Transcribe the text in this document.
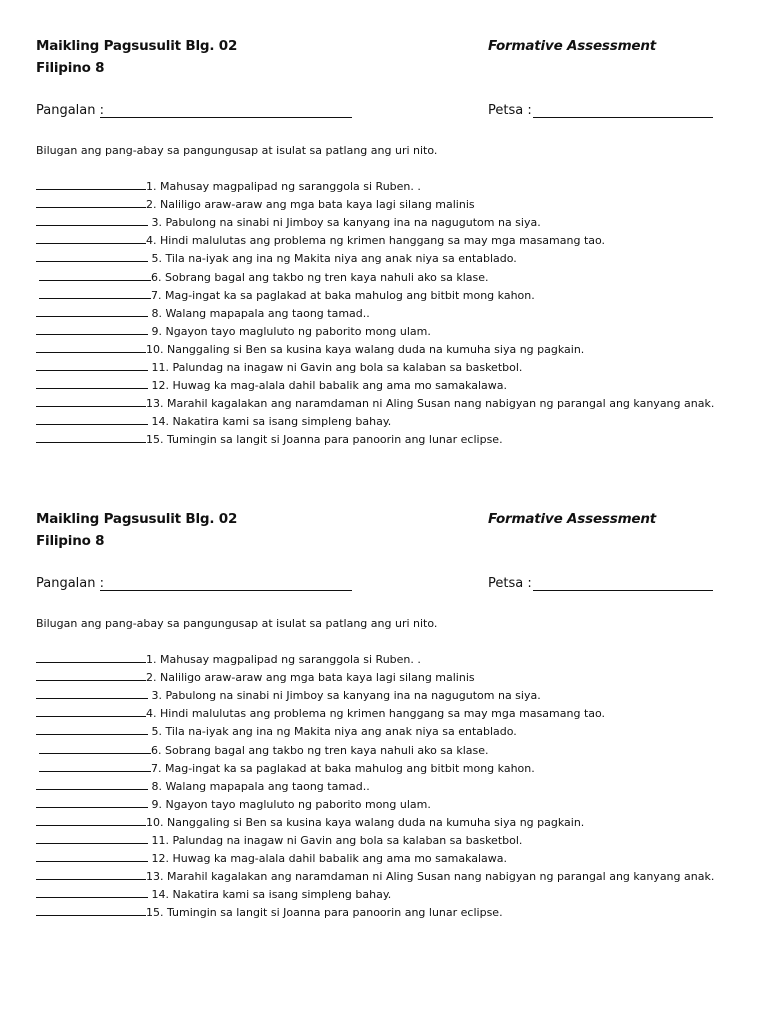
Maikling Pagsusulit Blg. 02
Filipino 8
Formative Assessment
Pangalan :	Petsa :
Bilugan ang pang-abay sa pangungusap at isulat sa patlang ang uri nito.
1. Mahusay magpalipad ng saranggola si Ruben. .
2. Naliligo araw-araw ang mga bata kaya lagi silang malinis
3. Pabulong na sinabi ni Jimboy sa kanyang ina na nagugutom na siya.
4. Hindi malulutas ang problema ng krimen hanggang sa may mga masamang tao.
5. Tila na-iyak ang ina ng Makita niya ang anak niya sa entablado.
6. Sobrang bagal ang takbo ng tren kaya nahuli ako sa klase.
7. Mag-ingat ka sa paglakad at baka mahulog ang bitbit mong kahon.
8. Walang mapapala ang taong tamad..
9. Ngayon tayo magluluto ng paborito mong ulam.
10. Nanggaling si Ben sa kusina kaya walang duda na kumuha siya ng pagkain.
11. Palundag na inagaw ni Gavin ang bola sa kalaban sa basketbol.
12. Huwag ka mag-alala dahil babalik ang ama mo samakalawa.
13. Marahil kagalakan ang naramdaman ni Aling Susan nang nabigyan ng parangal ang kanyang anak.
14. Nakatira kami sa isang simpleng bahay.
15. Tumingin sa langit si Joanna para panoorin ang lunar eclipse.
Maikling Pagsusulit Blg. 02
Filipino 8
Formative Assessment
Pangalan :	Petsa :
Bilugan ang pang-abay sa pangungusap at isulat sa patlang ang uri nito.
1. Mahusay magpalipad ng saranggola si Ruben. .
2. Naliligo araw-araw ang mga bata kaya lagi silang malinis
3. Pabulong na sinabi ni Jimboy sa kanyang ina na nagugutom na siya.
4. Hindi malulutas ang problema ng krimen hanggang sa may mga masamang tao.
5. Tila na-iyak ang ina ng Makita niya ang anak niya sa entablado.
6. Sobrang bagal ang takbo ng tren kaya nahuli ako sa klase.
7. Mag-ingat ka sa paglakad at baka mahulog ang bitbit mong kahon.
8. Walang mapapala ang taong tamad..
9. Ngayon tayo magluluto ng paborito mong ulam.
10. Nanggaling si Ben sa kusina kaya walang duda na kumuha siya ng pagkain.
11. Palundag na inagaw ni Gavin ang bola sa kalaban sa basketbol.
12. Huwag ka mag-alala dahil babalik ang ama mo samakalawa.
13. Marahil kagalakan ang naramdaman ni Aling Susan nang nabigyan ng parangal ang kanyang anak.
14. Nakatira kami sa isang simpleng bahay.
15. Tumingin sa langit si Joanna para panoorin ang lunar eclipse.
